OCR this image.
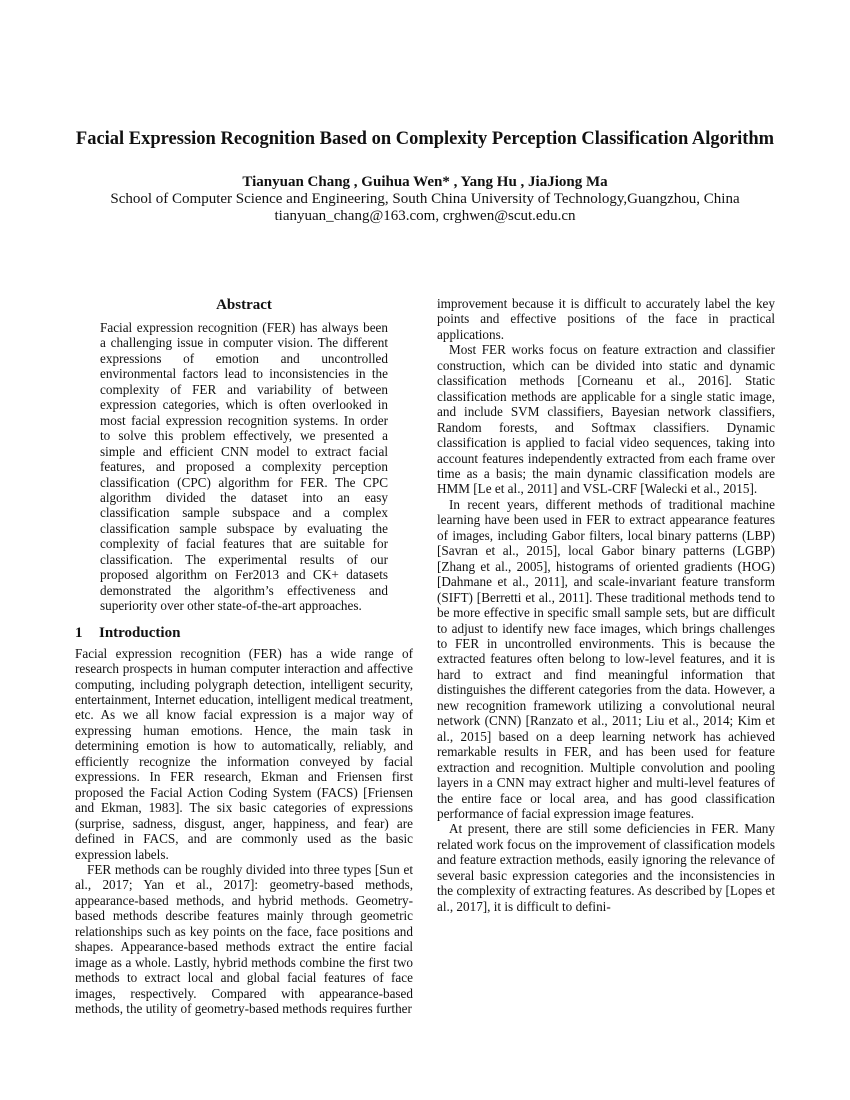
Facial Expression Recognition Based on Complexity Perception Classification Algorithm
Tianyuan Chang , Guihua Wen* , Yang Hu , JiaJiong Ma
School of Computer Science and Engineering, South China University of Technology,Guangzhou, China
tianyuan_chang@163.com, crghwen@scut.edu.cn
Abstract

Facial expression recognition (FER) has always been a challenging issue in computer vision. The different expressions of emotion and uncontrolled environmental factors lead to inconsistencies in the complexity of FER and variability of between expression categories, which is often overlooked in most facial expression recognition systems. In order to solve this problem effectively, we presented a simple and efficient CNN model to extract facial features, and proposed a complexity perception classification (CPC) algorithm for FER. The CPC algorithm divided the dataset into an easy classification sample subspace and a complex classification sample subspace by evaluating the complexity of facial features that are suitable for classification. The experimental results of our proposed algorithm on Fer2013 and CK+ datasets demonstrated the algorithm’s effectiveness and superiority over other state-of-the-art approaches.

1 Introduction

Facial expression recognition (FER) has a wide range of research prospects in human computer interaction and affective computing, including polygraph detection, intelligent security, entertainment, Internet education, intelligent medical treatment, etc. As we all know facial expression is a major way of expressing human emotions. Hence, the main task in determining emotion is how to automatically, reliably, and efficiently recognize the information conveyed by facial expressions. In FER research, Ekman and Friensen first proposed the Facial Action Coding System (FACS) [Friensen and Ekman, 1983]. The six basic categories of expressions (surprise, sadness, disgust, anger, happiness, and fear) are defined in FACS, and are commonly used as the basic expression labels.

FER methods can be roughly divided into three types [Sun et al., 2017; Yan et al., 2017]: geometry-based methods, appearance-based methods, and hybrid methods. Geometry-based methods describe features mainly through geometric relationships such as key points on the face, face positions and shapes. Appearance-based methods extract the entire facial image as a whole. Lastly, hybrid methods combine the first two methods to extract local and global facial features of face images, respectively. Compared with appearance-based methods, the utility of geometry-based methods requires further

improvement because it is difficult to accurately label the key points and effective positions of the face in practical applications.

Most FER works focus on feature extraction and classifier construction, which can be divided into static and dynamic classification methods [Corneanu et al., 2016]. Static classification methods are applicable for a single static image, and include SVM classifiers, Bayesian network classifiers, Random forests, and Softmax classifiers. Dynamic classification is applied to facial video sequences, taking into account features independently extracted from each frame over time as a basis; the main dynamic classification models are HMM [Le et al., 2011] and VSL-CRF [Walecki et al., 2015].

In recent years, different methods of traditional machine learning have been used in FER to extract appearance features of images, including Gabor filters, local binary patterns (LBP) [Savran et al., 2015], local Gabor binary patterns (LGBP) [Zhang et al., 2005], histograms of oriented gradients (HOG) [Dahmane et al., 2011], and scale-invariant feature transform (SIFT) [Berretti et al., 2011]. These traditional methods tend to be more effective in specific small sample sets, but are difficult to adjust to identify new face images, which brings challenges to FER in uncontrolled environments. This is because the extracted features often belong to low-level features, and it is hard to extract and find meaningful information that distinguishes the different categories from the data. However, a new recognition framework utilizing a convolutional neural network (CNN) [Ranzato et al., 2011; Liu et al., 2014; Kim et al., 2015] based on a deep learning network has achieved remarkable results in FER, and has been used for feature extraction and recognition. Multiple convolution and pooling layers in a CNN may extract higher and multi-level features of the entire face or local area, and has good classification performance of facial expression image features.

At present, there are still some deficiencies in FER. Many related work focus on the improvement of classification models and feature extraction methods, easily ignoring the relevance of several basic expression categories and the inconsistencies in the complexity of extracting features. As described by [Lopes et al., 2017], it is difficult to defini-
